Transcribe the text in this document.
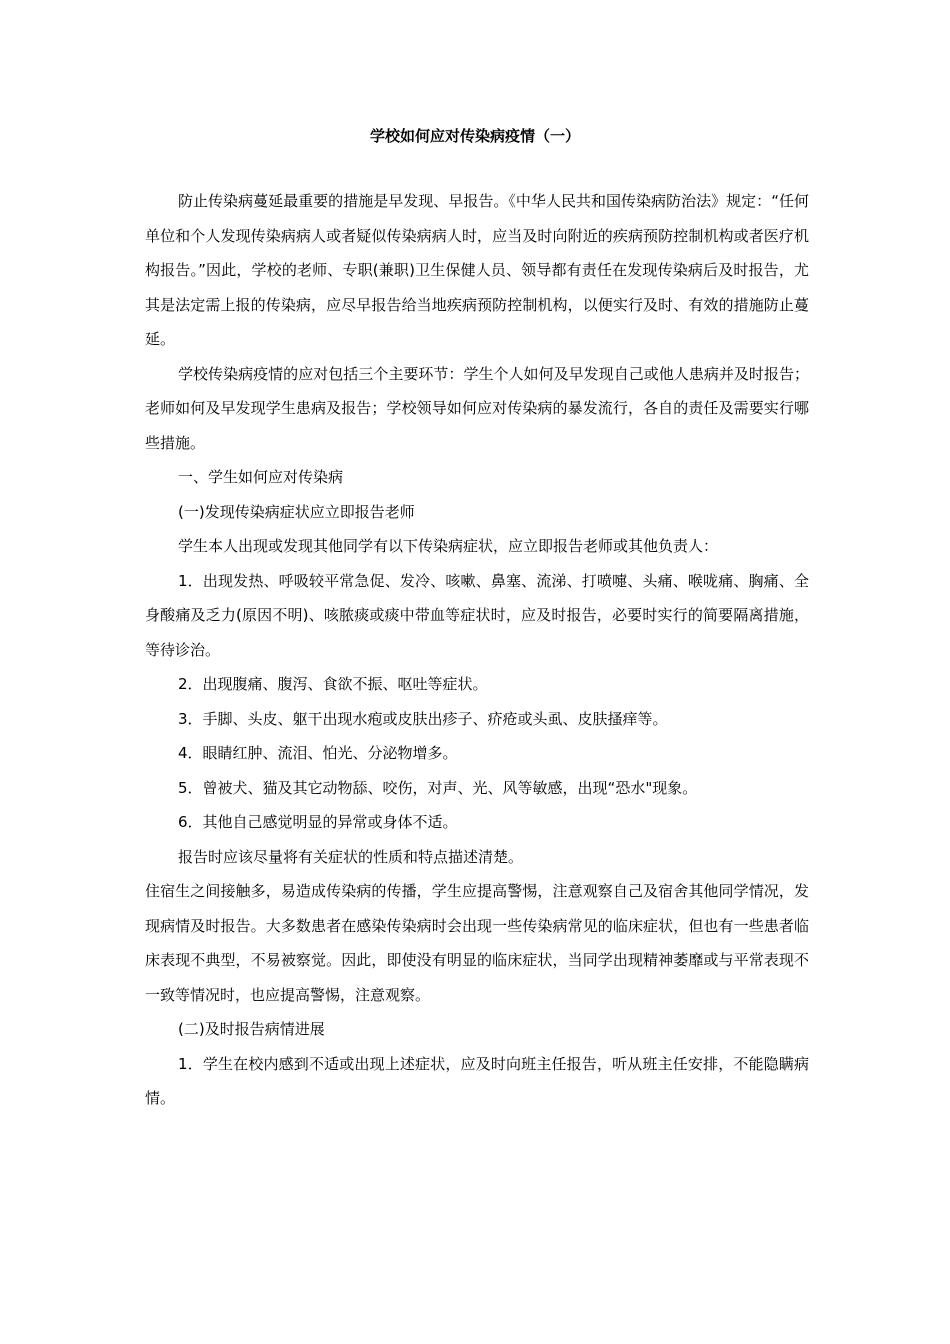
学校如何应对传染病疫情（一）

防止传染病蔓延最重要的措施是早发现、早报告。《中华人民共和国传染病防治法》规定：“任何单位和个人发现传染病病人或者疑似传染病病人时，应当及时向附近的疾病预防控制机构或者医疗机构报告。”因此，学校的老师、专职(兼职)卫生保健人员、领导都有责任在发现传染病后及时报告，尤其是法定需上报的传染病，应尽早报告给当地疾病预防控制机构，以便实行及时、有效的措施防止蔓延。

学校传染病疫情的应对包括三个主要环节：学生个人如何及早发现自己或他人患病并及时报告；老师如何及早发现学生患病及报告；学校领导如何应对传染病的暴发流行，各自的责任及需要实行哪些措施。

一、学生如何应对传染病

(一)发现传染病症状应立即报告老师

学生本人出现或发现其他同学有以下传染病症状，应立即报告老师或其他负责人：

1．出现发热、呼吸较平常急促、发冷、咳嗽、鼻塞、流涕、打喷嚏、头痛、喉咙痛、胸痛、全身酸痛及乏力(原因不明)、咳脓痰或痰中带血等症状时，应及时报告，必要时实行的简要隔离措施，等待诊治。

2．出现腹痛、腹泻、食欲不振、呕吐等症状。

3．手脚、头皮、躯干出现水疱或皮肤出疹子、疥疮或头虱、皮肤搔痒等。

4．眼睛红肿、流泪、怕光、分泌物增多。

5．曾被犬、猫及其它动物舔、咬伤，对声、光、风等敏感，出现“恐水"现象。

6．其他自己感觉明显的异常或身体不适。

报告时应该尽量将有关症状的性质和特点描述清楚。

住宿生之间接触多，易造成传染病的传播，学生应提高警惕，注意观察自己及宿舍其他同学情况，发现病情及时报告。大多数患者在感染传染病时会出现一些传染病常见的临床症状，但也有一些患者临床表现不典型，不易被察觉。因此，即使没有明显的临床症状，当同学出现精神萎靡或与平常表现不一致等情况时，也应提高警惕，注意观察。

(二)及时报告病情进展

1．学生在校内感到不适或出现上述症状，应及时向班主任报告，听从班主任安排，不能隐瞒病情。
